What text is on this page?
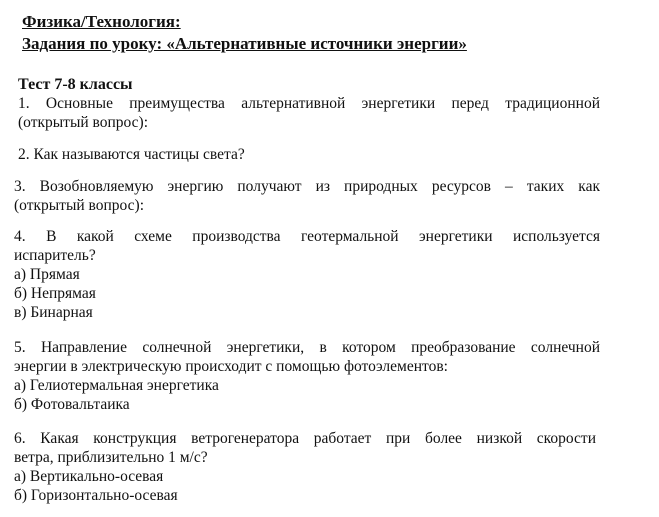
Физика/Технология:
Задания по уроку: «Альтернативные источники энергии»
Тест 7-8 классы
1. Основные преимущества альтернативной энергетики перед традиционной
(открытый вопрос):
2. Как называются частицы света?
3. Возобновляемую энергию получают из природных ресурсов – таких как
(открытый вопрос):
4. В какой схеме производства геотермальной энергетики используется
испаритель?
а) Прямая
б) Непрямая
в) Бинарная
5. Направление солнечной энергетики, в котором преобразование солнечной
энергии в электрическую происходит с помощью фотоэлементов:
а) Гелиотермальная энергетика
б) Фотовальтаика
6. Какая конструкция ветрогенератора работает при более низкой скорости
ветра, приблизительно 1 м/с?
а) Вертикально-осевая
б) Горизонтально-осевая
